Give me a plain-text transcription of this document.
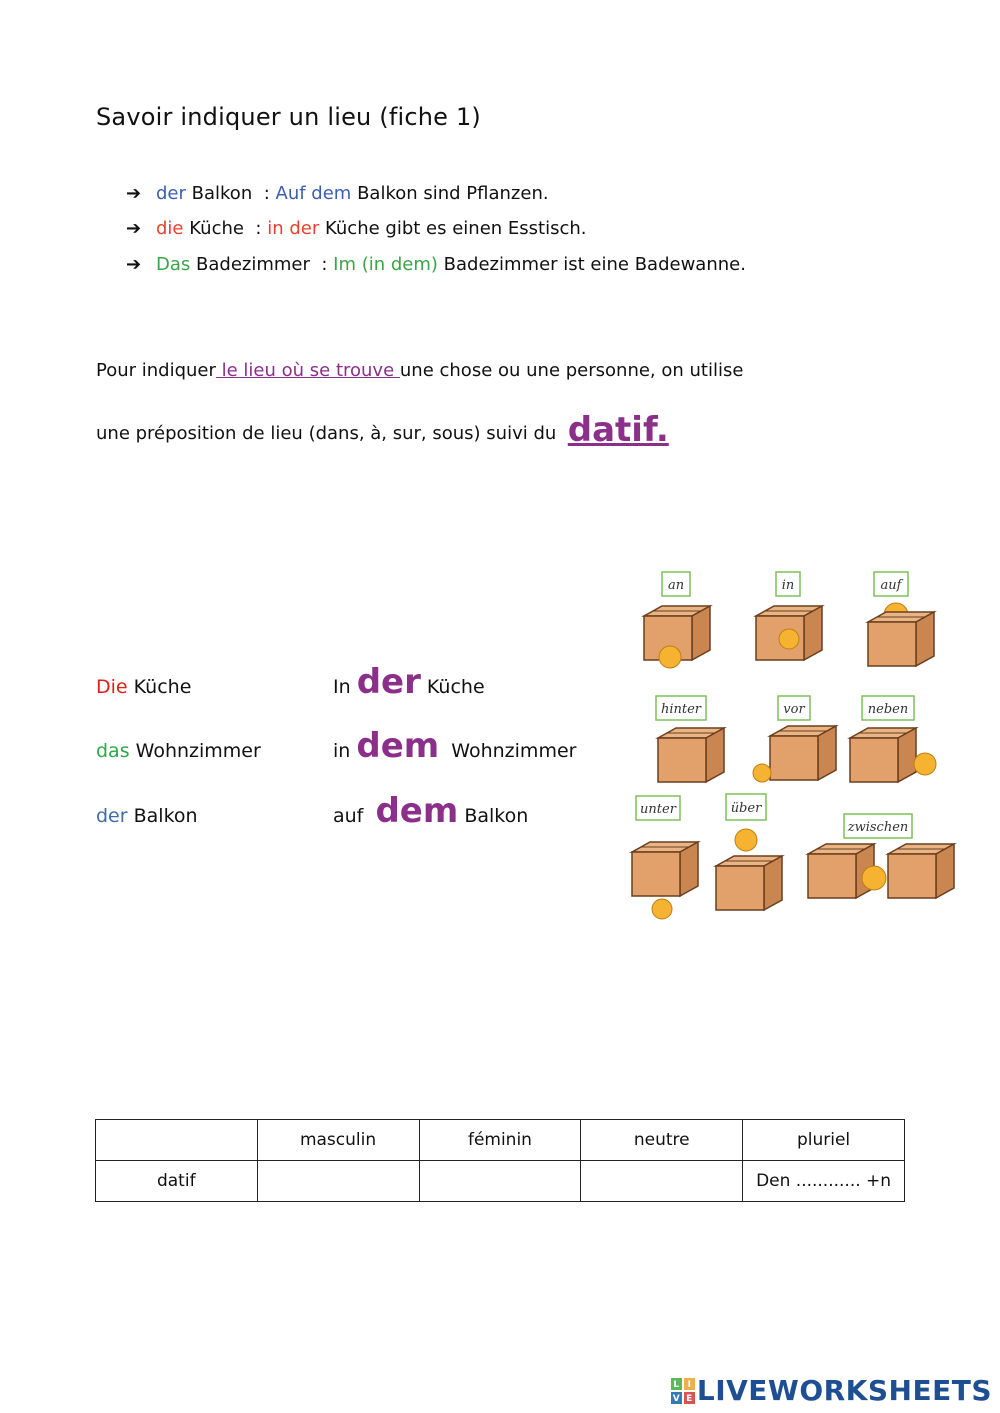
Savoir indiquer un lieu (fiche 1)
➔ der Balkon : Auf dem Balkon sind Pflanzen.
➔ die Küche : in der Küche gibt es einen Esstisch.
➔ Das Badezimmer : Im (in dem) Badezimmer ist eine Badewanne.
Pour indiquer le lieu où se trouve une chose ou une personne, on utilise
une préposition de lieu (dans, à, sur, sous) suivi du datif.
Die Küche	In der Küche
das Wohnzimmer	in dem Wohnzimmer
der Balkon	auf dem Balkon
an	in	auf
hinter	vor	neben
unter	über
zwischen
	masculin	féminin	neutre	pluriel
datif				Den ............ +n
L I
V E LIVEWORKSHEETS
